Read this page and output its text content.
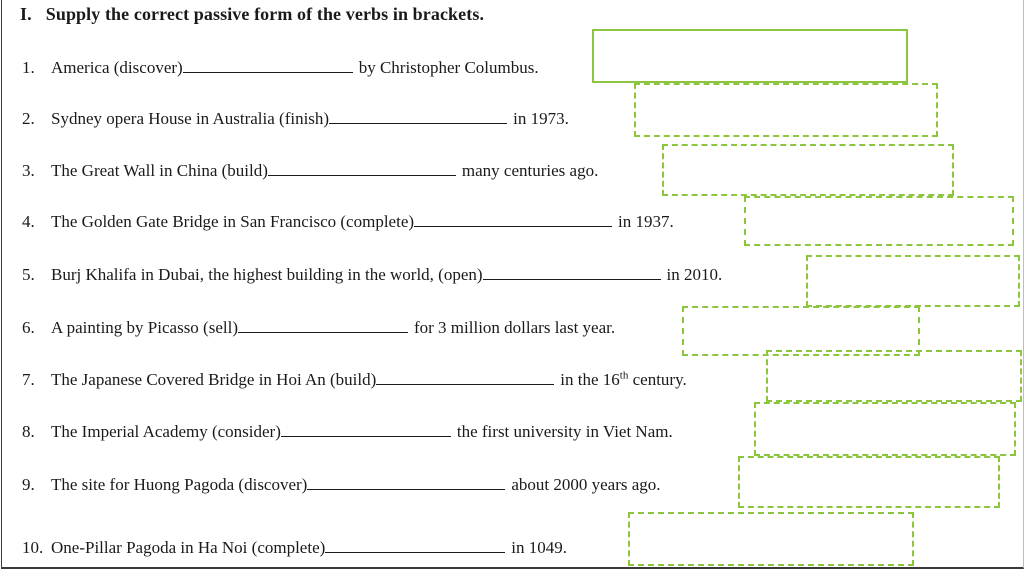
I. Supply the correct passive form of the verbs in brackets.
1. America (discover)	by Christopher Columbus.
2. Sydney opera House in Australia (finish)	in 1973.
3. The Great Wall in China (build)	many centuries ago.
4. The Golden Gate Bridge in San Francisco (complete)	in 1937.
5. Burj Khalifa in Dubai, the highest building in the world, (open)	in 2010.
6. A painting by Picasso (sell)	for 3 million dollars last year.
7. The Japanese Covered Bridge in Hoi An (build)	in the 16th century.
8. The Imperial Academy (consider)	the first university in Viet Nam.
9. The site for Huong Pagoda (discover)	about 2000 years ago.
10. One-Pillar Pagoda in Ha Noi (complete)	in 1049.
